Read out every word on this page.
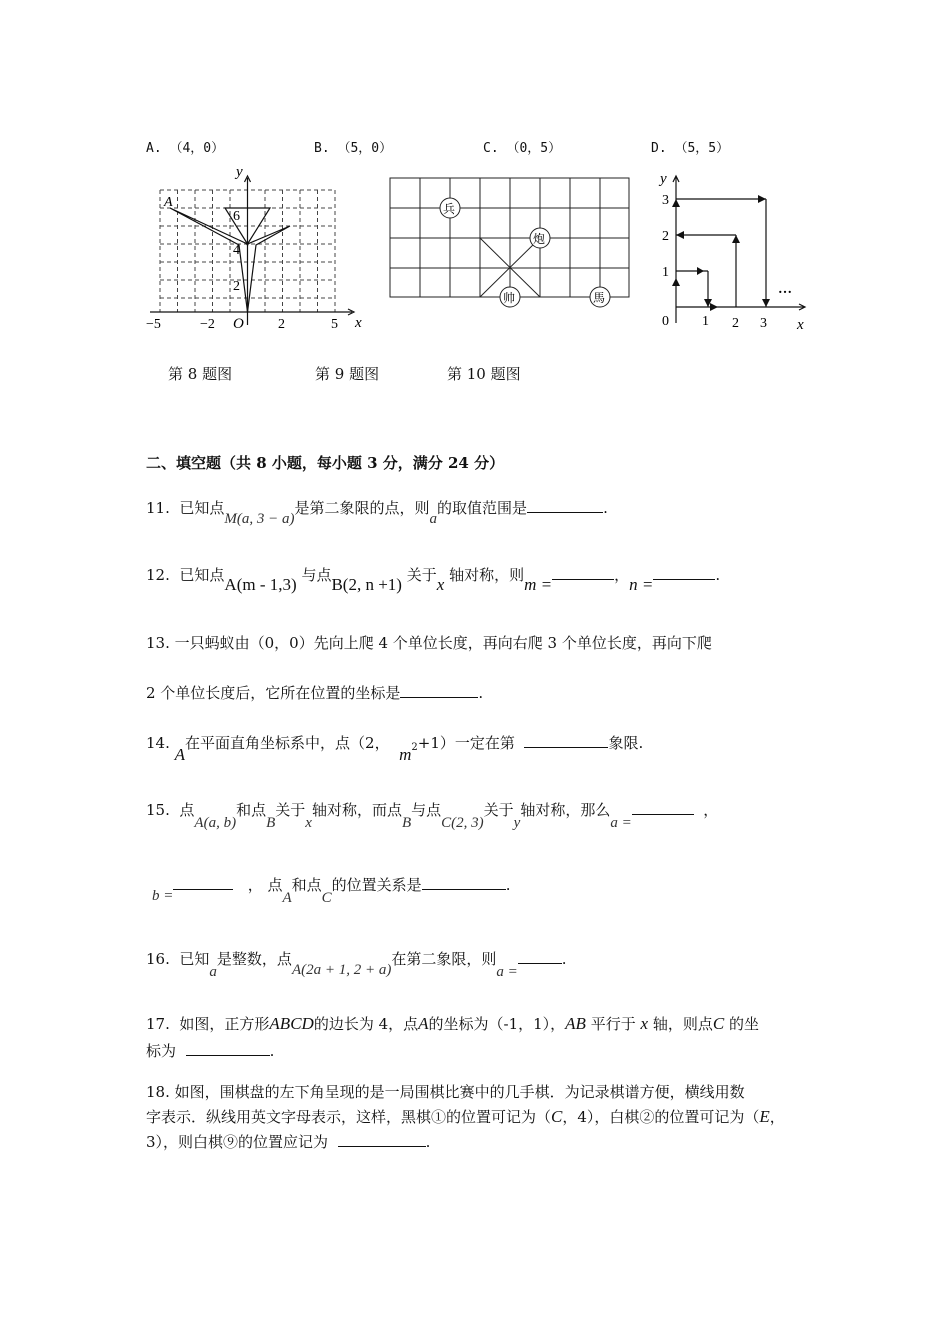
A. （4，0）	B. （5，0）	C. （0，5）	D. （5，5）
y
x
O
A
−5	−2	2	5
6
4
2
兵
炮
帅	馬
y
x
0 1 2 3
1
2
3
…
第 8 题图	第 9 题图	第 10 题图
二、填空题（共 8 小题，每小题 3 分，满分 24 分）
11. 已知点M(a, 3 − a)是第二象限的点，则a的取值范围是	.
12. 已知点A(m - 1,3) 与点B(2, n +1) 关于x 轴对称，则m =	，n =	.
13. 一只蚂蚁由（0，0）先向上爬 4 个单位长度，再向右爬 3 个单位长度，再向下爬
2 个单位长度后，它所在位置的坐标是	.
14. A在平面直角坐标系中，点（2，  $m^2+1$）一定在第	象限.
15. 点A(a, b)和点B关于x轴对称，而点B与点C(2, 3)关于y轴对称，那么a =  ，
b =   ， 点A和点C的位置关系是	.
16. 已知a是整数，点A(2a + 1, 2 + a)在第二象限，则a =.
17. 如图，正方形ABCD的边长为 4，点A的坐标为（-1，1），AB 平行于 x 轴，则点C 的坐
标为	.
18. 如图，围棋盘的左下角呈现的是一局围棋比赛中的几手棋．为记录棋谱方便，横线用数
字表示．纵线用英文字母表示，这样，黑棋①的位置可记为（C，4），白棋②的位置可记为（E，
3），则白棋⑨的位置应记为	.
